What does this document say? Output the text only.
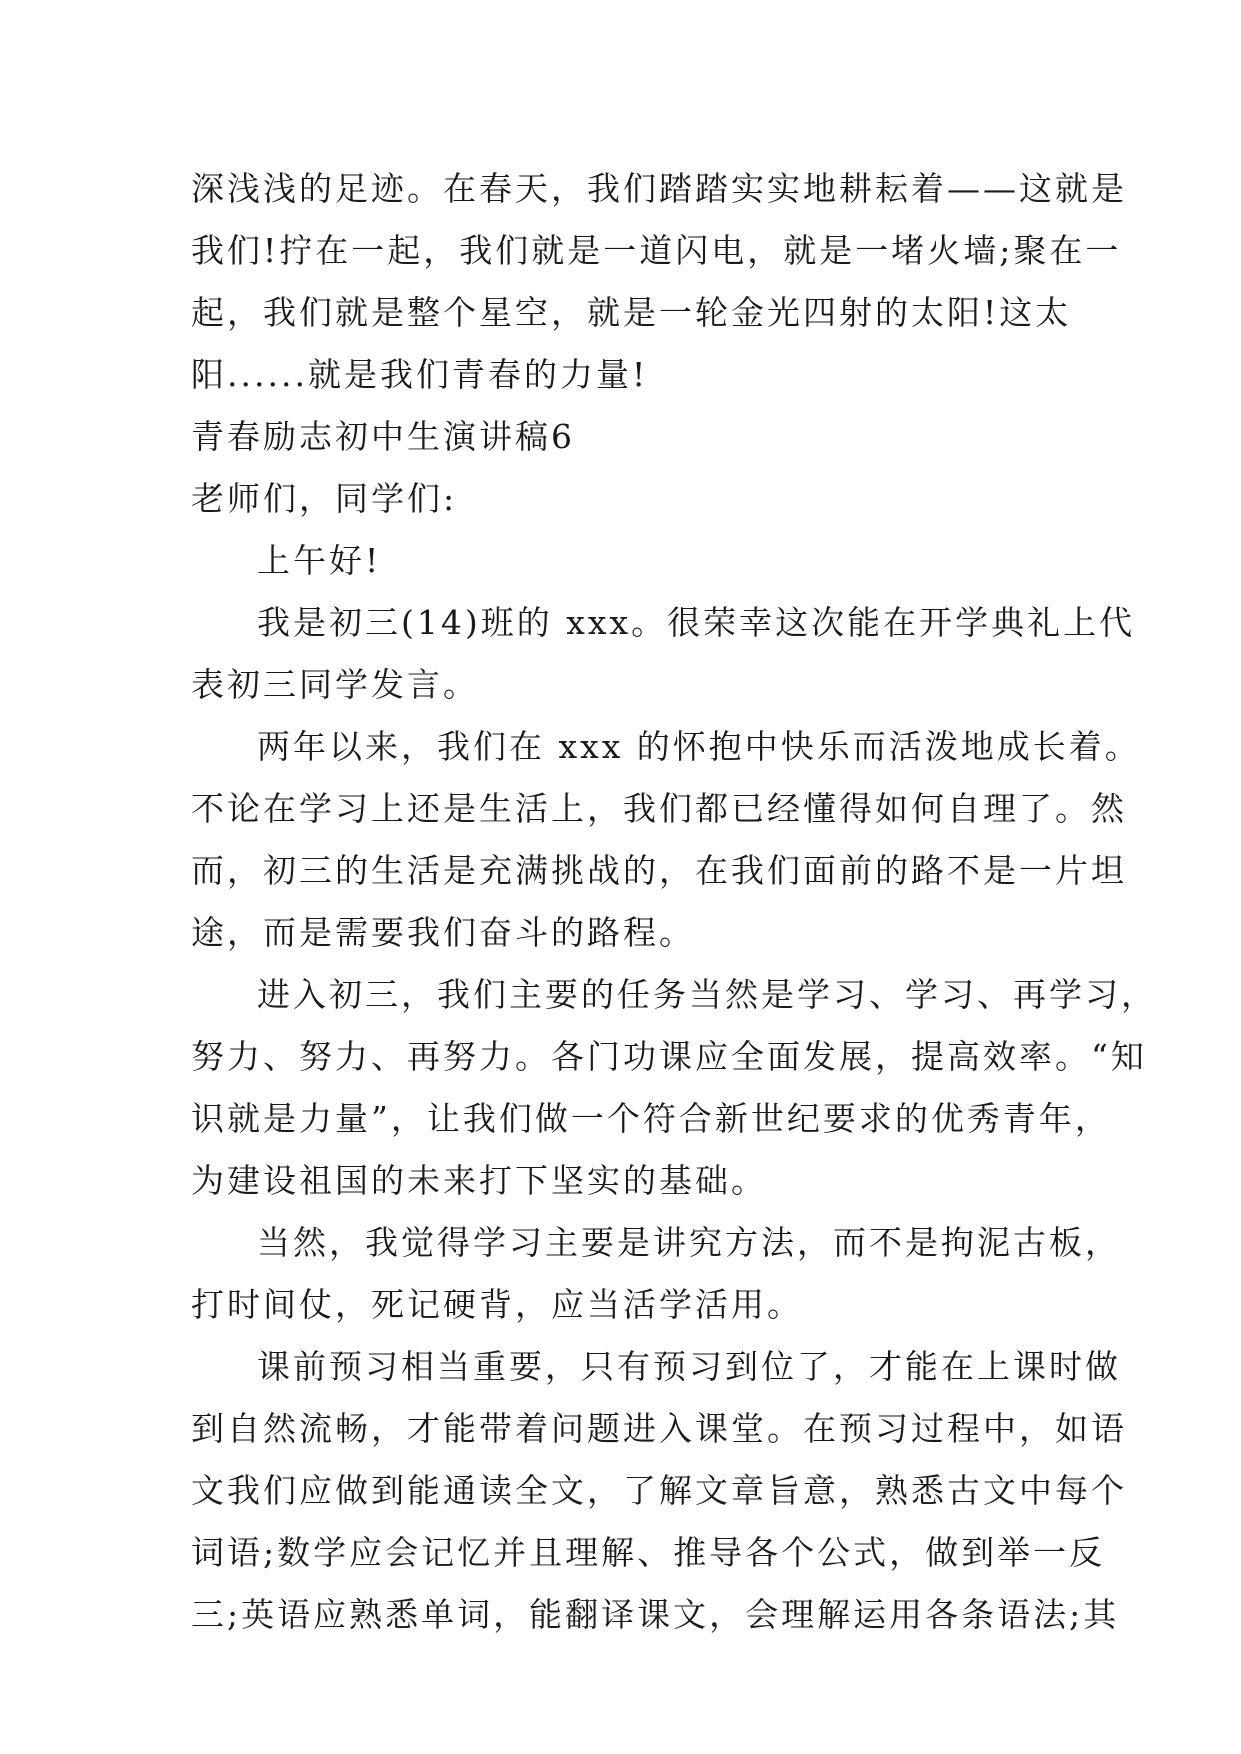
深浅浅的足迹。在春天，我们踏踏实实地耕耘着——这就是
我们!拧在一起，我们就是一道闪电，就是一堵火墙;聚在一
起，我们就是整个星空，就是一轮金光四射的太阳!这太
阳......就是我们青春的力量!
青春励志初中生演讲稿6
老师们，同学们:
上午好!
我是初三(14)班的 xxx。很荣幸这次能在开学典礼上代
表初三同学发言。
两年以来，我们在 xxx 的怀抱中快乐而活泼地成长着。
不论在学习上还是生活上，我们都已经懂得如何自理了。然
而，初三的生活是充满挑战的，在我们面前的路不是一片坦
途，而是需要我们奋斗的路程。
进入初三，我们主要的任务当然是学习、学习、再学习，
努力、努力、再努力。各门功课应全面发展，提高效率。“知
识就是力量”，让我们做一个符合新世纪要求的优秀青年，
为建设祖国的未来打下坚实的基础。
当然，我觉得学习主要是讲究方法，而不是拘泥古板，
打时间仗，死记硬背，应当活学活用。
课前预习相当重要，只有预习到位了，才能在上课时做
到自然流畅，才能带着问题进入课堂。在预习过程中，如语
文我们应做到能通读全文，了解文章旨意，熟悉古文中每个
词语;数学应会记忆并且理解、推导各个公式，做到举一反
三;英语应熟悉单词，能翻译课文，会理解运用各条语法;其
